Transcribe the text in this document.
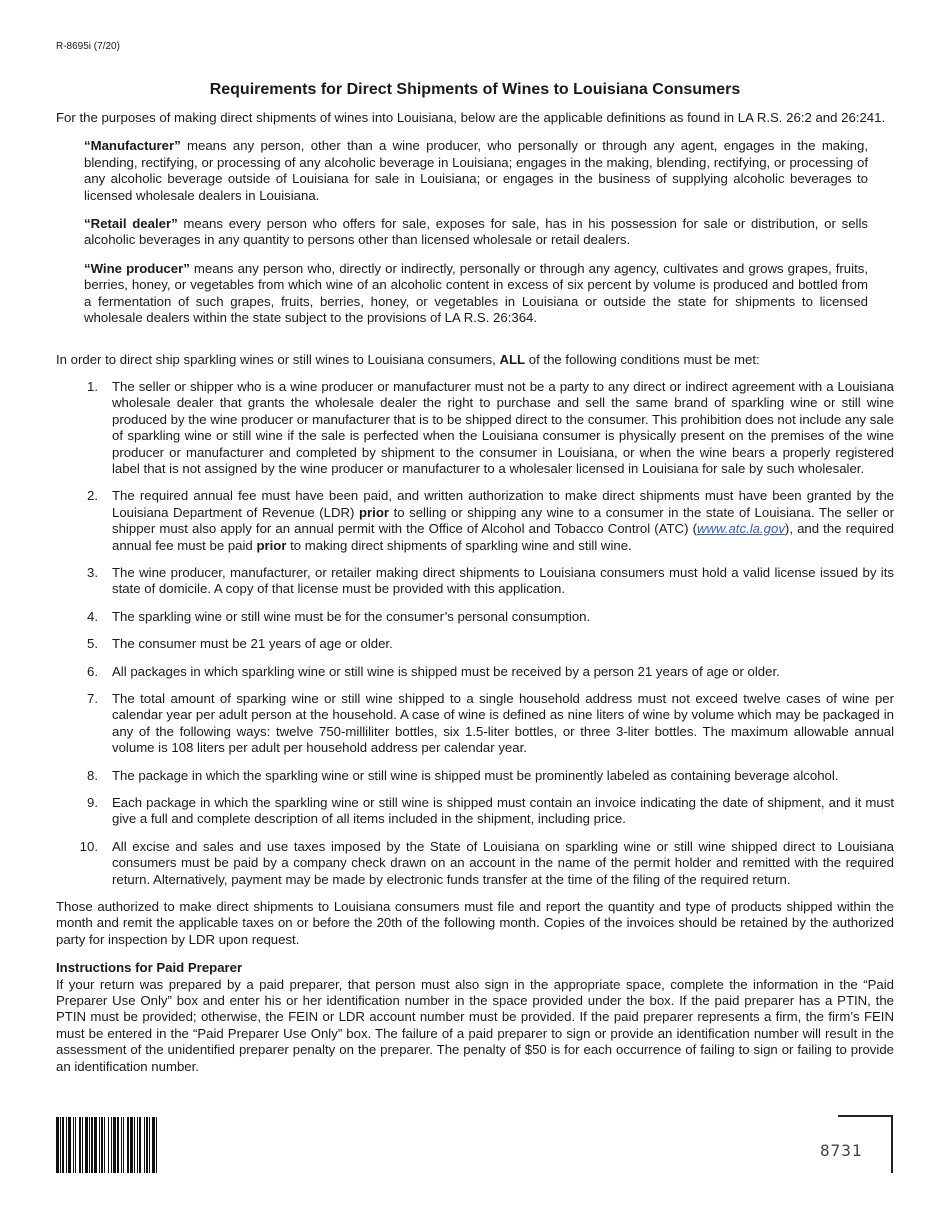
R-8695i (7/20)
Requirements for Direct Shipments of Wines to Louisiana Consumers

For the purposes of making direct shipments of wines into Louisiana, below are the applicable definitions as found in LA R.S. 26:2 and 26:241.

“Manufacturer” means any person, other than a wine producer, who personally or through any agent, engages in the making, blending, rectifying, or processing of any alcoholic beverage in Louisiana; engages in the making, blending, rectifying, or processing of any alcoholic beverage outside of Louisiana for sale in Louisiana; or engages in the business of supplying alcoholic beverages to licensed wholesale dealers in Louisiana.

“Retail dealer” means every person who offers for sale, exposes for sale, has in his possession for sale or distribution, or sells alcoholic beverages in any quantity to persons other than licensed wholesale or retail dealers.

“Wine producer” means any person who, directly or indirectly, personally or through any agency, cultivates and grows grapes, fruits, berries, honey, or vegetables from which wine of an alcoholic content in excess of six percent by volume is produced and bottled from a fermentation of such grapes, fruits, berries, honey, or vegetables in Louisiana or outside the state for shipments to licensed wholesale dealers within the state subject to the provisions of LA R.S. 26:364.

In order to direct ship sparkling wines or still wines to Louisiana consumers, ALL of the following conditions must be met:

1.	The seller or shipper who is a wine producer or manufacturer must not be a party to any direct or indirect agreement with a Louisiana wholesale dealer that grants the wholesale dealer the right to purchase and sell the same brand of sparkling wine or still wine produced by the wine producer or manufacturer that is to be shipped direct to the consumer. This prohibition does not include any sale of sparkling wine or still wine if the sale is perfected when the Louisiana consumer is physically present on the premises of the wine producer or manufacturer and completed by shipment to the consumer in Louisiana, or when the wine bears a properly registered label that is not assigned by the wine producer or manufacturer to a wholesaler licensed in Louisiana for sale by such wholesaler.
2.	The required annual fee must have been paid, and written authorization to make direct shipments must have been granted by the Louisiana Department of Revenue (LDR) prior to selling or shipping any wine to a consumer in the state of Louisiana. The seller or shipper must also apply for an annual permit with the Office of Alcohol and Tobacco Control (ATC) (www.atc.la.gov), and the required annual fee must be paid prior to making direct shipments of sparkling wine and still wine.
3.	The wine producer, manufacturer, or retailer making direct shipments to Louisiana consumers must hold a valid license issued by its state of domicile. A copy of that license must be provided with this application.
4.	The sparkling wine or still wine must be for the consumer’s personal consumption.
5.	The consumer must be 21 years of age or older.
6.	All packages in which sparkling wine or still wine is shipped must be received by a person 21 years of age or older.
7.	The total amount of sparking wine or still wine shipped to a single household address must not exceed twelve cases of wine per calendar year per adult person at the household. A case of wine is defined as nine liters of wine by volume which may be packaged in any of the following ways: twelve 750-milliliter bottles, six 1.5-liter bottles, or three 3-liter bottles. The maximum allowable annual volume is 108 liters per adult per household address per calendar year.
8.	The package in which the sparkling wine or still wine is shipped must be prominently labeled as containing beverage alcohol.
9.	Each package in which the sparkling wine or still wine is shipped must contain an invoice indicating the date of shipment, and it must give a full and complete description of all items included in the shipment, including price.
10.	All excise and sales and use taxes imposed by the State of Louisiana on sparkling wine or still wine shipped direct to Louisiana consumers must be paid by a company check drawn on an account in the name of the permit holder and remitted with the required return. Alternatively, payment may be made by electronic funds transfer at the time of the filing of the required return.

Those authorized to make direct shipments to Louisiana consumers must file and report the quantity and type of products shipped within the month and remit the applicable taxes on or before the 20th of the following month. Copies of the invoices should be retained by the authorized party for inspection by LDR upon request.

Instructions for Paid Preparer

If your return was prepared by a paid preparer, that person must also sign in the appropriate space, complete the information in the “Paid Preparer Use Only” box and enter his or her identification number in the space provided under the box. If the paid preparer has a PTIN, the PTIN must be provided; otherwise, the FEIN or LDR account number must be provided. If the paid preparer represents a firm, the firm’s FEIN must be entered in the “Paid Preparer Use Only” box. The failure of a paid preparer to sign or provide an identification number will result in the assessment of the unidentified preparer penalty on the preparer. The penalty of $50 is for each occurrence of failing to sign or failing to provide an identification number.

8731
